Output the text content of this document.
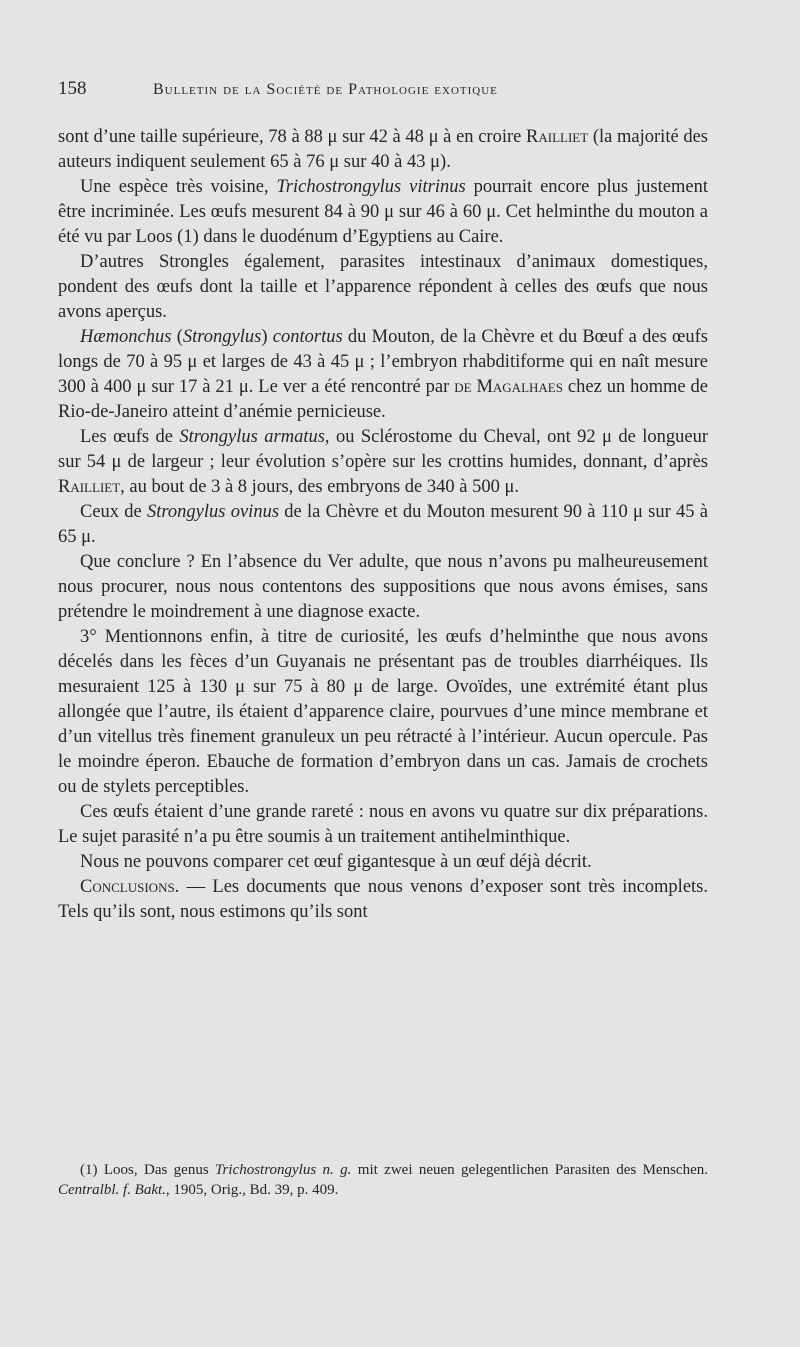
158	Bulletin de la Société de Pathologie exotique

sont d’une taille supérieure, 78 à 88 μ sur 42 à 48 μ à en croire Railliet (la majorité des auteurs indiquent seulement 65 à 76 μ sur 40 à 43 μ).

Une espèce très voisine, Trichostrongylus vitrinus pourrait encore plus justement être incriminée. Les œufs mesurent 84 à 90 μ sur 46 à 60 μ. Cet helminthe du mouton a été vu par Loos (1) dans le duodénum d’Egyptiens au Caire.

D’autres Strongles également, parasites intestinaux d’animaux domestiques, pondent des œufs dont la taille et l’apparence répondent à celles des œufs que nous avons aperçus.

Hæmonchus (Strongylus) contortus du Mouton, de la Chèvre et du Bœuf a des œufs longs de 70 à 95 μ et larges de 43 à 45 μ ; l’embryon rhabditiforme qui en naît mesure 300 à 400 μ sur 17 à 21 μ. Le ver a été rencontré par de Magalhaes chez un homme de Rio-de-Janeiro atteint d’anémie pernicieuse.

Les œufs de Strongylus armatus, ou Sclérostome du Cheval, ont 92 μ de longueur sur 54 μ de largeur ; leur évolution s’opère sur les crottins humides, donnant, d’après Railliet, au bout de 3 à 8 jours, des embryons de 340 à 500 μ.

Ceux de Strongylus ovinus de la Chèvre et du Mouton mesurent 90 à 110 μ sur 45 à 65 μ.

Que conclure ? En l’absence du Ver adulte, que nous n’avons pu malheureusement nous procurer, nous nous contentons des suppositions que nous avons émises, sans prétendre le moindrement à une diagnose exacte.

3° Mentionnons enfin, à titre de curiosité, les œufs d’helminthe que nous avons décelés dans les fèces d’un Guyanais ne présentant pas de troubles diarrhéiques. Ils mesuraient 125 à 130 μ sur 75 à 80 μ de large. Ovoïdes, une extrémité étant plus allongée que l’autre, ils étaient d’apparence claire, pourvues d’une mince membrane et d’un vitellus très finement granuleux un peu rétracté à l’intérieur. Aucun opercule. Pas le moindre éperon. Ebauche de formation d’embryon dans un cas. Jamais de crochets ou de stylets perceptibles.

Ces œufs étaient d’une grande rareté : nous en avons vu quatre sur dix préparations. Le sujet parasité n’a pu être soumis à un traitement antihelminthique.

Nous ne pouvons comparer cet œuf gigantesque à un œuf déjà décrit.

Conclusions. — Les documents que nous venons d’exposer sont très incomplets. Tels qu’ils sont, nous estimons qu’ils sont

(1) Loos, Das genus Trichostrongylus n. g. mit zwei neuen gelegentlichen Parasiten des Menschen. Centralbl. f. Bakt., 1905, Orig., Bd. 39, p. 409.
